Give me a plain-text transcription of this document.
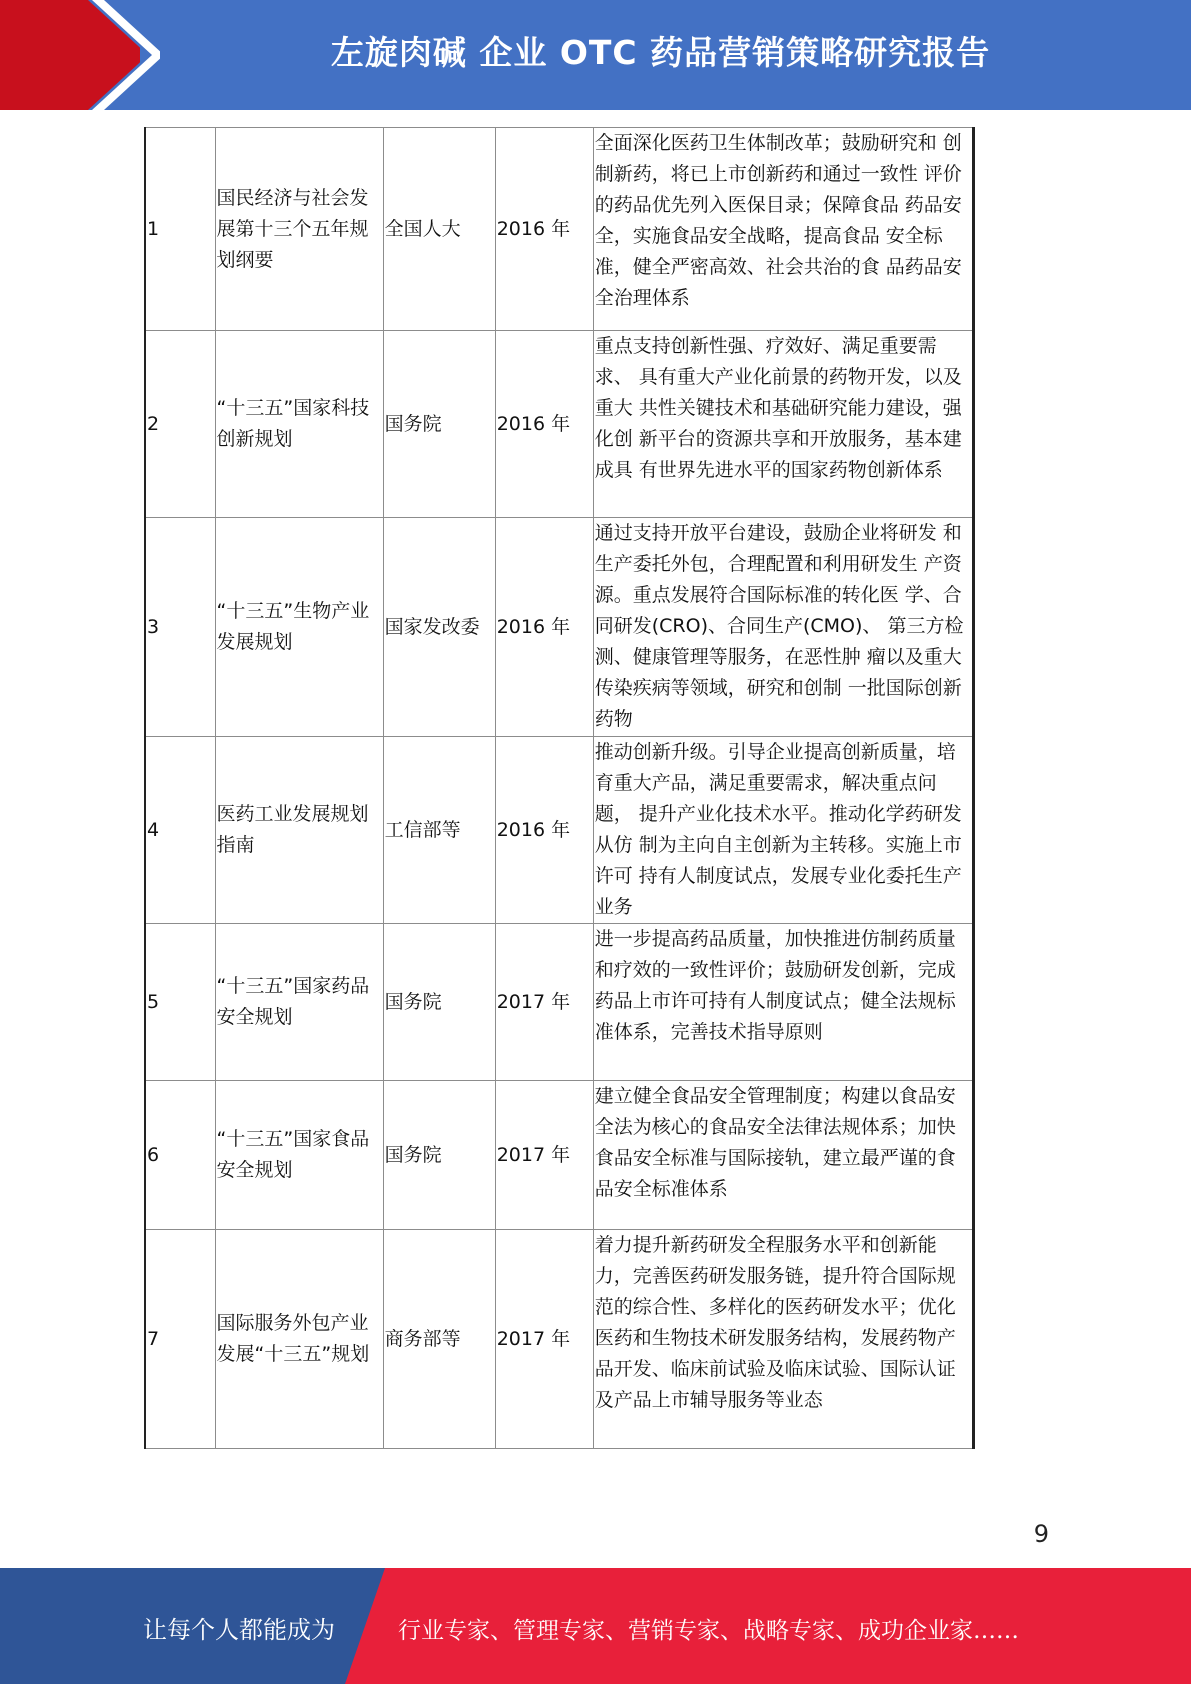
左旋肉碱 企业 OTC 药品营销策略研究报告
1	国民经济与社会发展第十三个五年规划纲要	全国人大	2016 年	全面深化医药卫生体制改革；鼓励研究和 创制新药，将已上市创新药和通过一致性 评价的药品优先列入医保目录；保障食品 药品安全，实施食品安全战略，提高食品 安全标准，健全严密高效、社会共治的食 品药品安全治理体系
2	“十三五”国家科技创新规划	国务院	2016 年	重点支持创新性强、疗效好、满足重要需求、 具有重大产业化前景的药物开发，以及重大 共性关键技术和基础研究能力建设，强化创 新平台的资源共享和开放服务，基本建成具 有世界先进水平的国家药物创新体系
3	“十三五”生物产业发展规划	国家发改委	2016 年	通过支持开放平台建设，鼓励企业将研发 和生产委托外包，合理配置和利用研发生 产资源。重点发展符合国际标准的转化医 学、合同研发(CRO)、合同生产(CMO)、 第三方检测、健康管理等服务，在恶性肿 瘤以及重大传染疾病等领域，研究和创制 一批国际创新药物
4	医药工业发展规划指南	工信部等	2016 年	推动创新升级。引导企业提高创新质量，培 育重大产品，满足重要需求，解决重点问题， 提升产业化技术水平。推动化学药研发从仿 制为主向自主创新为主转移。实施上市许可 持有人制度试点，发展专业化委托生产业务
5	“十三五”国家药品安全规划	国务院	2017 年	进一步提高药品质量，加快推进仿制药质量 和疗效的一致性评价；鼓励研发创新，完成 药品上市许可持有人制度试点；健全法规标 准体系，完善技术指导原则
6	“十三五”国家食品安全规划	国务院	2017 年	建立健全食品安全管理制度；构建以食品安 全法为核心的食品安全法律法规体系；加快 食品安全标准与国际接轨，建立最严谨的食 品安全标准体系
7	国际服务外包产业发展“十三五”规划	商务部等	2017 年	着力提升新药研发全程服务水平和创新能 力，完善医药研发服务链，提升符合国际规 范的综合性、多样化的医药研发水平；优化 医药和生物技术研发服务结构，发展药物产 品开发、临床前试验及临床试验、国际认证 及产品上市辅导服务等业态
9
让每个人都能成为	行业专家、管理专家、营销专家、战略专家、成功企业家……
